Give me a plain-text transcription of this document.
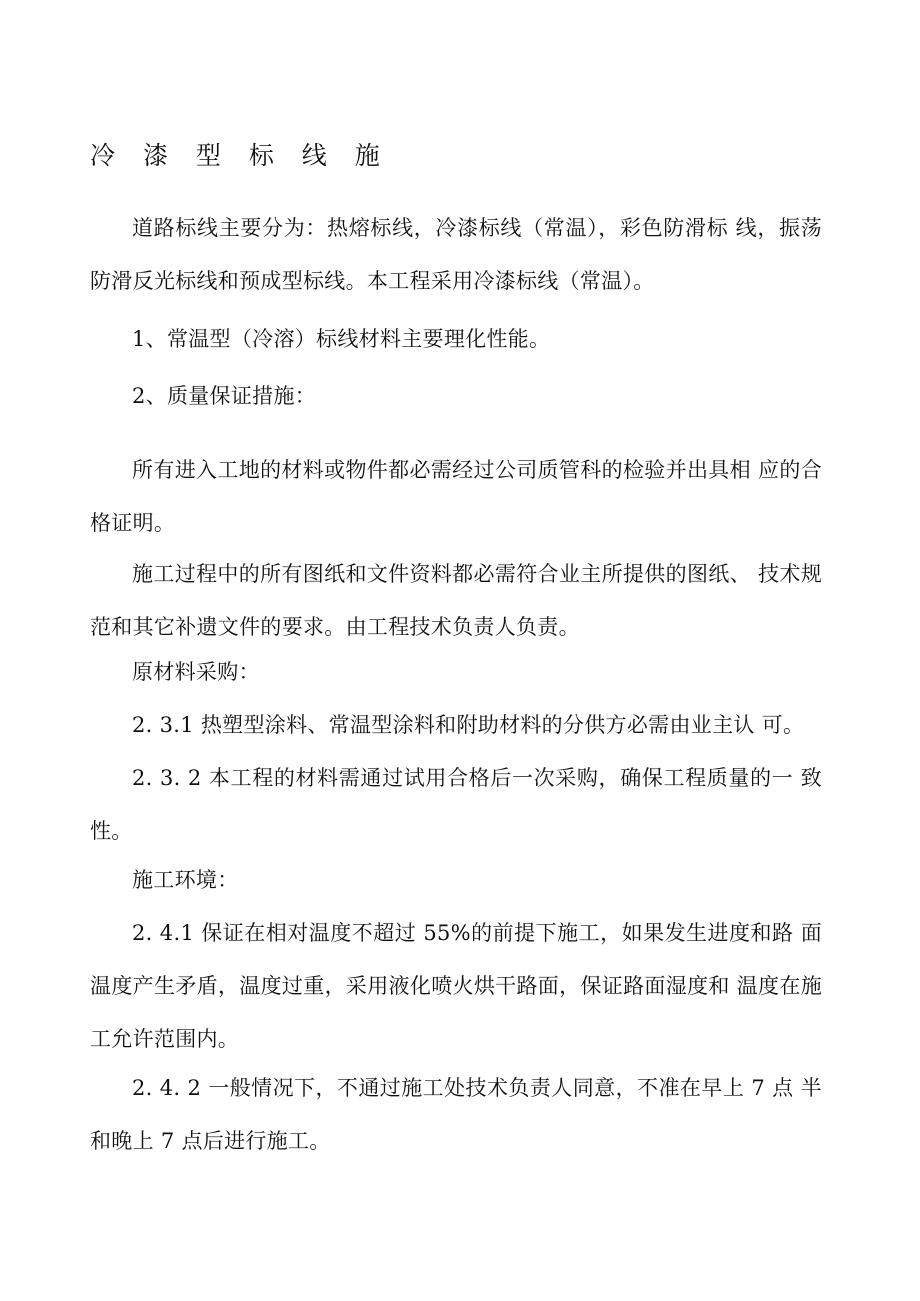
冷 漆 型 标 线 施

道路标线主要分为：热熔标线，冷漆标线（常温），彩色防滑标 线，振荡防滑反光标线和预成型标线。本工程采用冷漆标线（常温）。

1、常温型（冷溶）标线材料主要理化性能。

2、质量保证措施：

所有进入工地的材料或物件都必需经过公司质管科的检验并出具相 应的合格证明。

施工过程中的所有图纸和文件资料都必需符合业主所提供的图纸、 技术规范和其它补遗文件的要求。由工程技术负责人负责。

原材料采购：

2. 3.1 热塑型涂料、常温型涂料和附助材料的分供方必需由业主认 可。

2. 3. 2 本工程的材料需通过试用合格后一次采购，确保工程质量的一 致性。

施工环境：

2. 4.1 保证在相对温度不超过 55%的前提下施工，如果发生进度和路 面温度产生矛盾，温度过重，采用液化喷火烘干路面，保证路面湿度和 温度在施工允许范围内。

2. 4. 2 一般情况下，不通过施工处技术负责人同意，不准在早上 7 点 半和晚上 7 点后进行施工。
